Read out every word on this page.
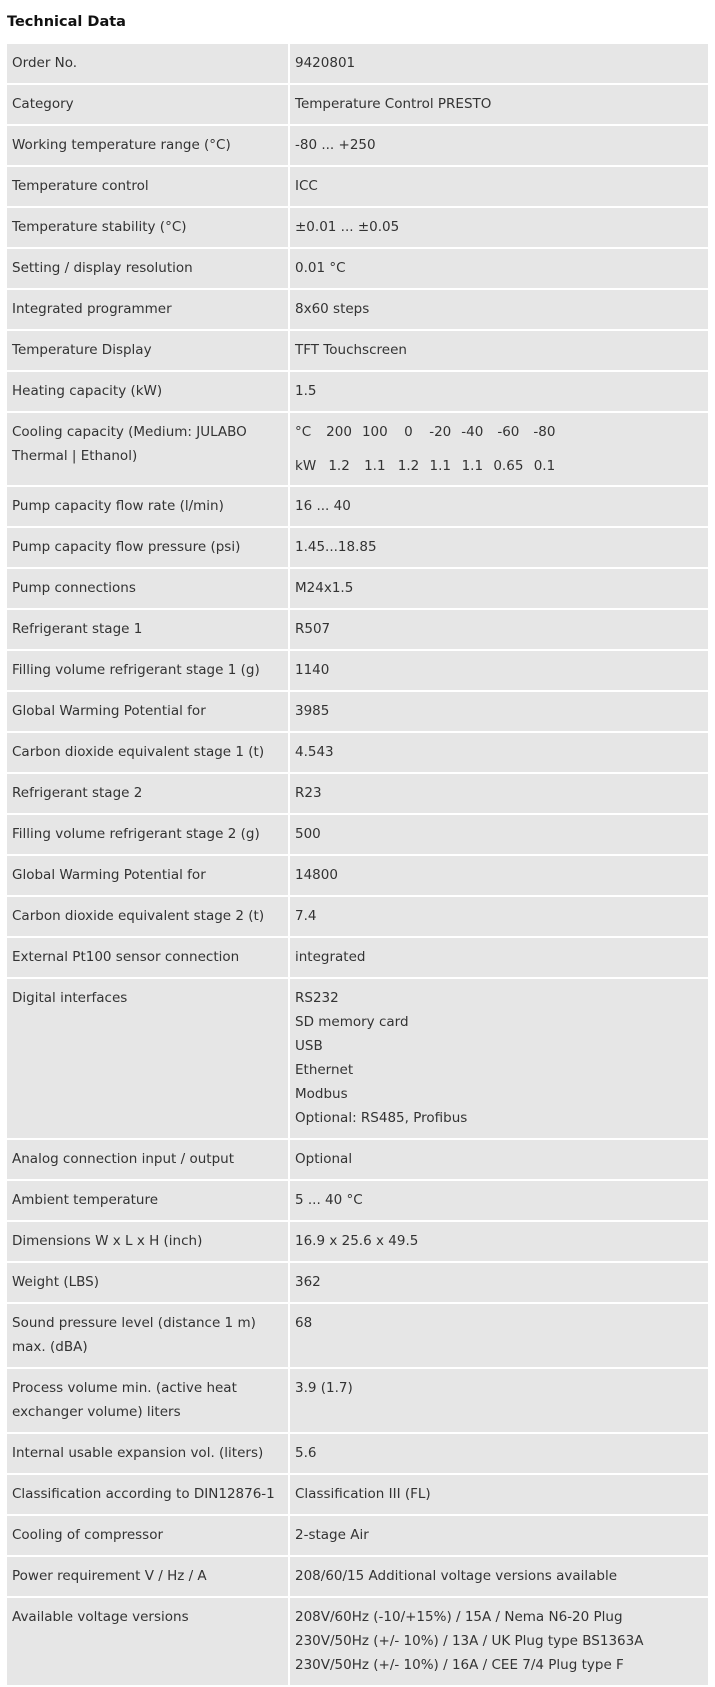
Technical Data
Order No.	9420801
Category	Temperature Control PRESTO
Working temperature range (°C)	-80 ... +250
Temperature control	ICC
Temperature stability (°C)	±0.01 ... ±0.05
Setting / display resolution	0.01 °C
Integrated programmer	8x60 steps
Temperature Display	TFT Touchscreen
Heating capacity (kW)	1.5
Cooling capacity (Medium: JULABO Thermal | Ethanol)	
°C	200	100	0	-20	-40	-60	-80
kW	1.2	1.1	1.2	1.1	1.1	0.65	0.1

Pump capacity flow rate (l/min)	16 ... 40
Pump capacity flow pressure (psi)	1.45...18.85
Pump connections	M24x1.5
Refrigerant stage 1	R507
Filling volume refrigerant stage 1 (g)	1140
Global Warming Potential for	3985
Carbon dioxide equivalent stage 1 (t)	4.543
Refrigerant stage 2	R23
Filling volume refrigerant stage 2 (g)	500
Global Warming Potential for	14800
Carbon dioxide equivalent stage 2 (t)	7.4
External Pt100 sensor connection	integrated
Digital interfaces	RS232
SD memory card
USB
Ethernet
Modbus
Optional: RS485, Profibus

Analog connection input / output	Optional
Ambient temperature	5 ... 40 °C
Dimensions W x L x H (inch)	16.9 x 25.6 x 49.5
Weight (LBS)	362
Sound pressure level (distance 1 m) max. (dBA)	68
Process volume min. (active heat exchanger volume) liters	3.9 (1.7)
Internal usable expansion vol. (liters)	5.6
Classification according to DIN12876-1	Classification III (FL)
Cooling of compressor	2-stage Air
Power requirement V / Hz / A	208/60/15 Additional voltage versions available
Available voltage versions	208V/60Hz (-10/+15%) / 15A / Nema N6-20 Plug
230V/50Hz (+/- 10%) / 13A / UK Plug type BS1363A
230V/50Hz (+/- 10%) / 16A / CEE 7/4 Plug type F
